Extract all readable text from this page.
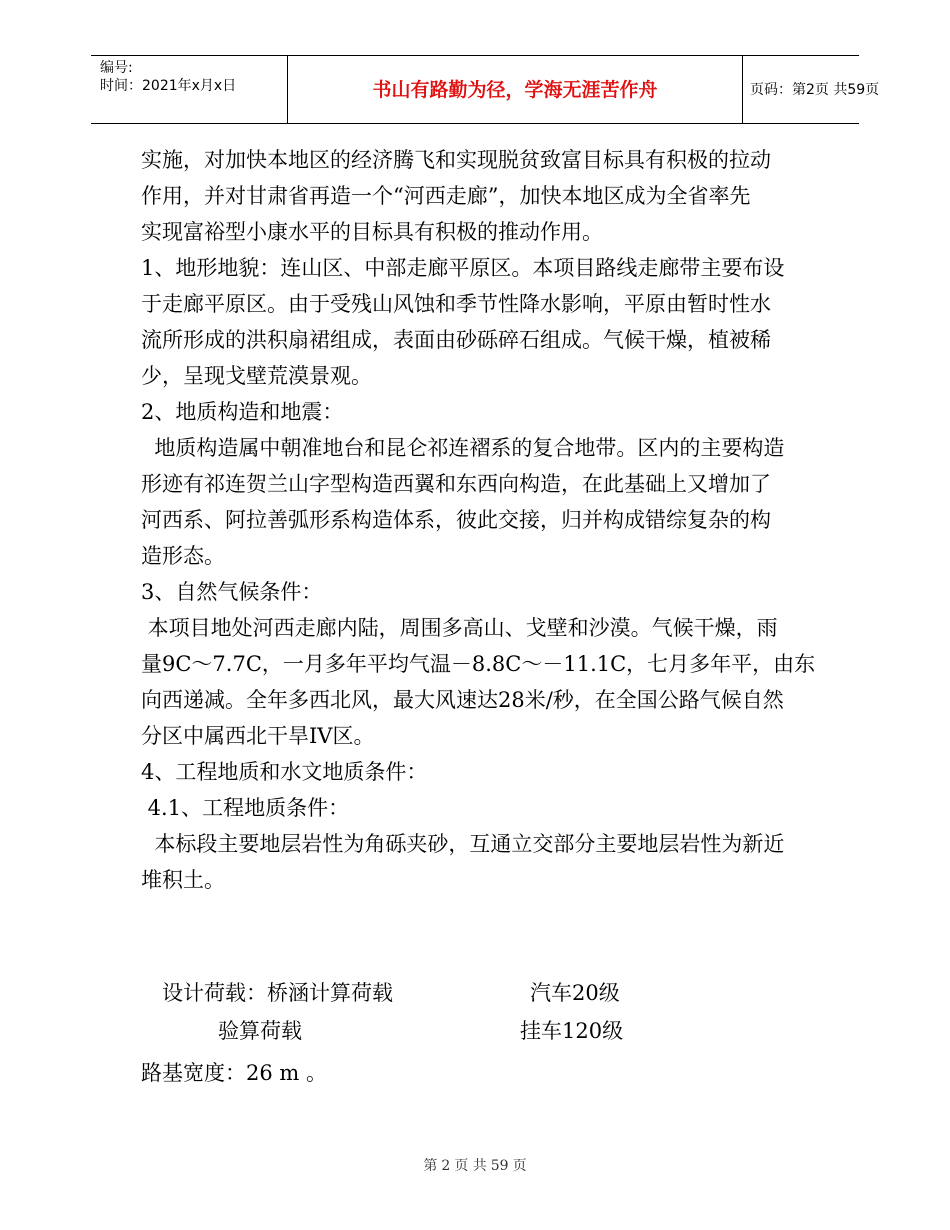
编号:
时间：2021年x月x日	书山有路勤为径，学海无涯苦作舟	页码：第2页 共59页
实施，对加快本地区的经济腾飞和实现脱贫致富目标具有积极的拉动
作用，并对甘肃省再造一个“河西走廊”，加快本地区成为全省率先
实现富裕型小康水平的目标具有积极的推动作用。
1、地形地貌：连山区、中部走廊平原区。本项目路线走廊带主要布设
于走廊平原区。由于受残山风蚀和季节性降水影响，平原由暂时性水
流所形成的洪积扇裙组成，表面由砂砾碎石组成。气候干燥，植被稀
少，呈现戈壁荒漠景观。
2、地质构造和地震：
地质构造属中朝准地台和昆仑祁连褶系的复合地带。区内的主要构造
形迹有祁连贺兰山字型构造西翼和东西向构造，在此基础上又增加了
河西系、阿拉善弧形系构造体系，彼此交接，归并构成错综复杂的构
造形态。
3、自然气候条件：
本项目地处河西走廊内陆，周围多高山、戈壁和沙漠。气候干燥，雨
量9C～7.7C，一月多年平均气温－8.8C～－11.1C，七月多年平，由东
向西递减。全年多西北风，最大风速达28米/秒，在全国公路气候自然
分区中属西北干旱IV区。
4、工程地质和水文地质条件：
4.1、工程地质条件：
本标段主要地层岩性为角砾夹砂，互通立交部分主要地层岩性为新近
堆积土。
设计荷载：桥涵计算荷载	汽车20级
验算荷载	挂车120级
路基宽度：26 m 。
第 2 页 共 59 页
